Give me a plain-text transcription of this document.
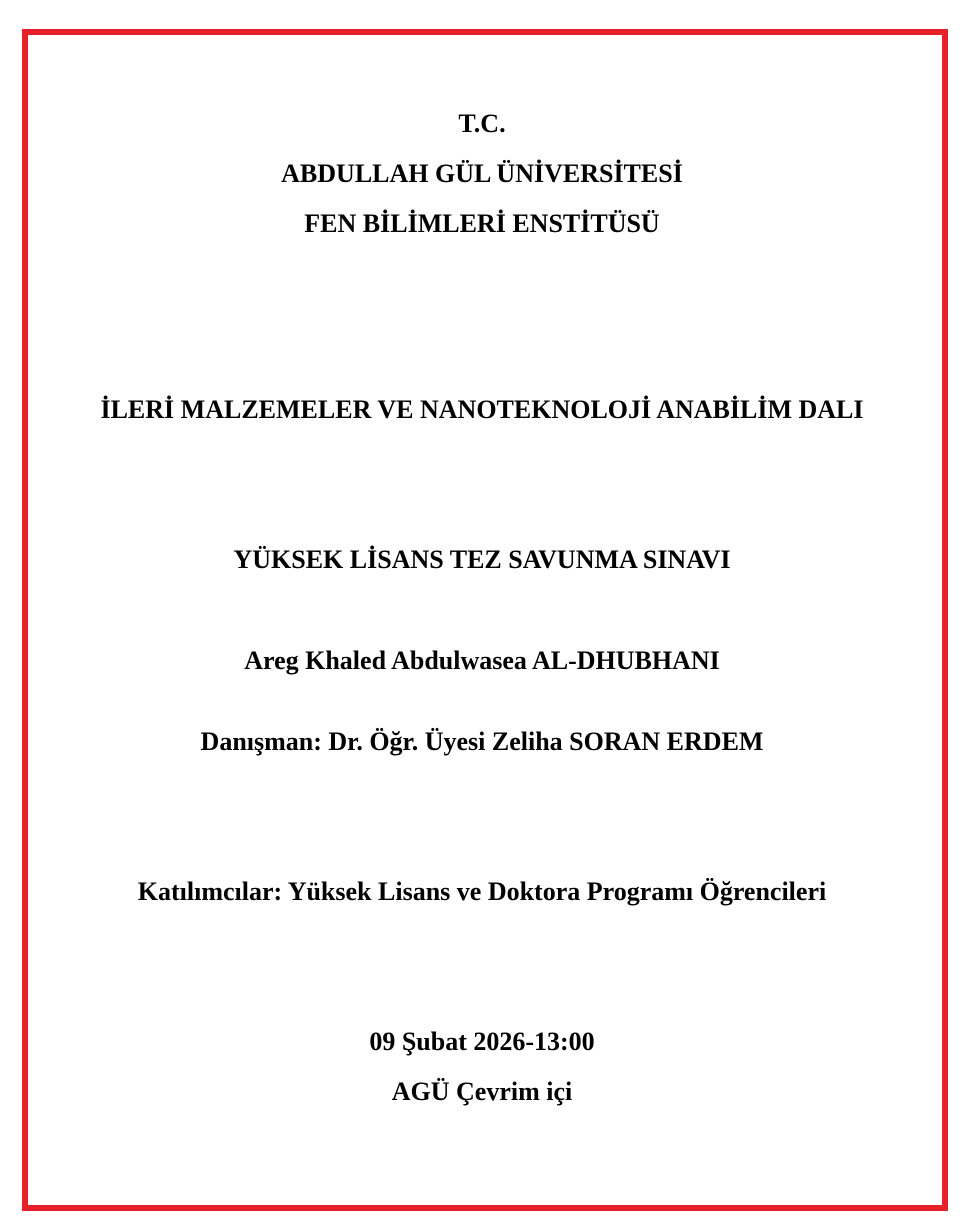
T.C.
ABDULLAH GÜL ÜNİVERSİTESİ
FEN BİLİMLERİ ENSTİTÜSÜ
İLERİ MALZEMELER VE NANOTEKNOLOJİ ANABİLİM DALI
YÜKSEK LİSANS TEZ SAVUNMA SINAVI
Areg Khaled Abdulwasea AL-DHUBHANI
Danışman: Dr. Öğr. Üyesi Zeliha SORAN ERDEM
Katılımcılar: Yüksek Lisans ve Doktora Programı Öğrencileri
09 Şubat 2026-13:00
AGÜ Çevrim içi
